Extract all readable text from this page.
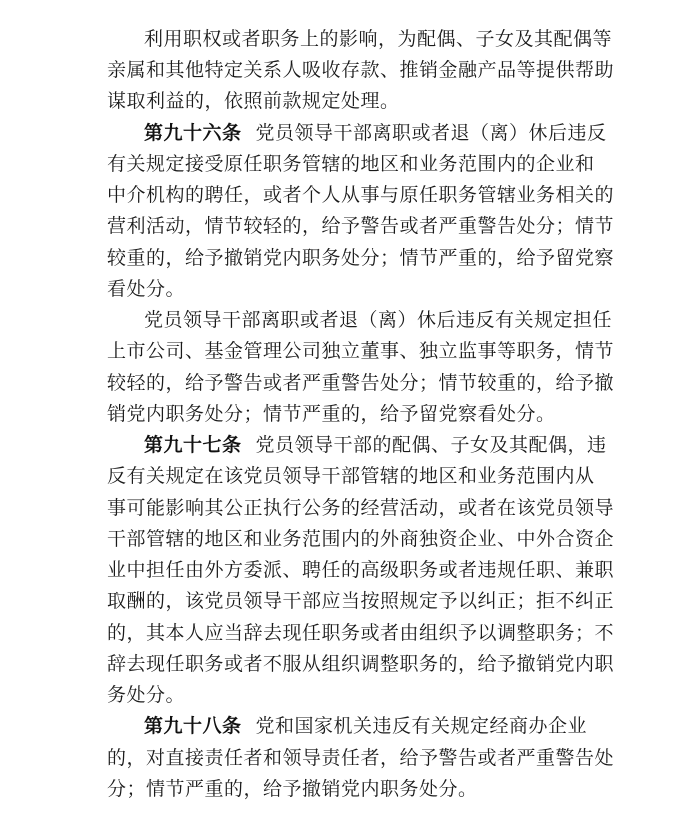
利用职权或者职务上的影响，为配偶、子女及其配偶等
亲属和其他特定关系人吸收存款、推销金融产品等提供帮助
谋取利益的，依照前款规定处理。
第九十六条 党员领导干部离职或者退（离）休后违反
有关规定接受原任职务管辖的地区和业务范围内的企业和
中介机构的聘任，或者个人从事与原任职务管辖业务相关的
营利活动，情节较轻的，给予警告或者严重警告处分；情节
较重的，给予撤销党内职务处分；情节严重的，给予留党察
看处分。
党员领导干部离职或者退（离）休后违反有关规定担任
上市公司、基金管理公司独立董事、独立监事等职务，情节
较轻的，给予警告或者严重警告处分；情节较重的，给予撤
销党内职务处分；情节严重的，给予留党察看处分。
第九十七条 党员领导干部的配偶、子女及其配偶，违
反有关规定在该党员领导干部管辖的地区和业务范围内从
事可能影响其公正执行公务的经营活动，或者在该党员领导
干部管辖的地区和业务范围内的外商独资企业、中外合资企
业中担任由外方委派、聘任的高级职务或者违规任职、兼职
取酬的，该党员领导干部应当按照规定予以纠正；拒不纠正
的，其本人应当辞去现任职务或者由组织予以调整职务；不
辞去现任职务或者不服从组织调整职务的，给予撤销党内职
务处分。
第九十八条 党和国家机关违反有关规定经商办企业
的，对直接责任者和领导责任者，给予警告或者严重警告处
分；情节严重的，给予撤销党内职务处分。
